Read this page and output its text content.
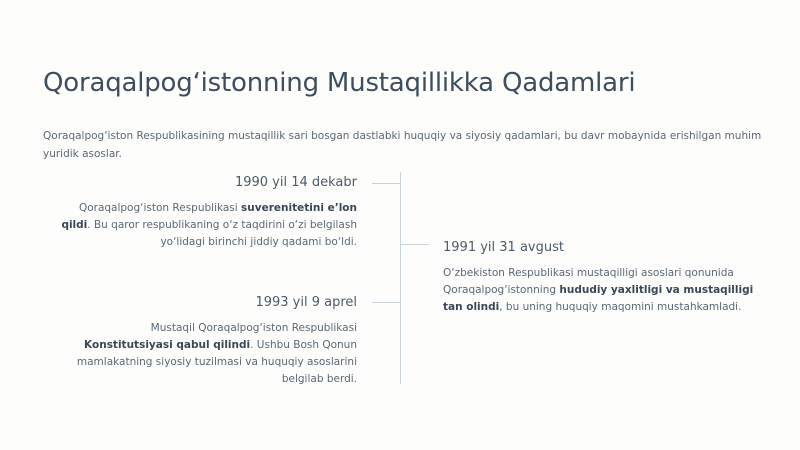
Qoraqalpog‘istonning Mustaqillikka Qadamlari

Qoraqalpog‘iston Respublikasining mustaqillik sari bosgan dastlabki huquqiy va siyosiy qadamlari, bu davr mobaynida erishilgan muhim yuridik asoslar.

1990 yil 14 dekabr

Qoraqalpog‘iston Respublikasi suverenitetini e’lon qildi. Bu qaror respublikaning o‘z taqdirini o‘zi belgilash yo‘lidagi birinchi jiddiy qadami bo‘ldi.	1991 yil 31 avgust

O‘zbekiston Respublikasi mustaqilligi asoslari qonunida Qoraqalpog‘istonning hududiy yaxlitligi va mustaqilligi tan olindi, bu uning huquqiy maqomini mustahkamladi.

1993 yil 9 aprel

Mustaqil Qoraqalpog‘iston Respublikasi Konstitutsiyasi qabul qilindi. Ushbu Bosh Qonun mamlakatning siyosiy tuzilmasi va huquqiy asoslarini belgilab berdi.
